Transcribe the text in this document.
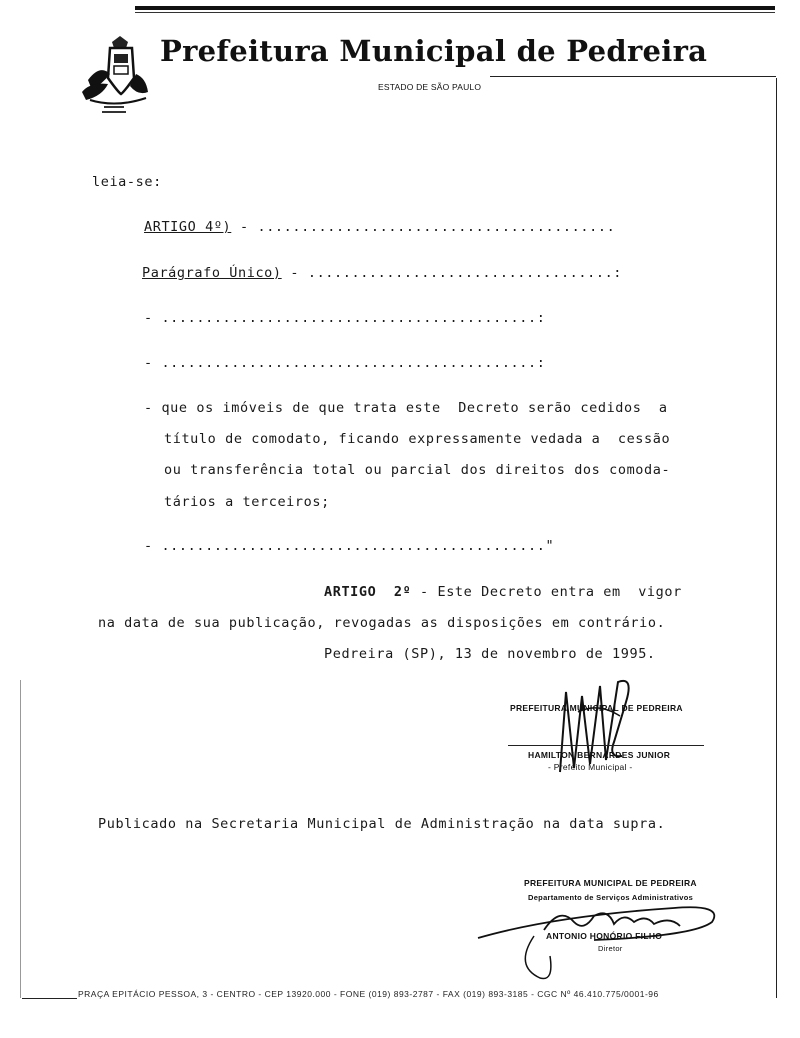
Prefeitura Municipal de Pedreira
ESTADO DE SÃO PAULO
leia-se:
ARTIGO 4º) - .........................................
Parágrafo Único) - ...................................:
- ...........................................:
- ...........................................:
- que os imóveis de que trata este  Decreto serão cedidos  a
título de comodato, ficando expressamente vedada a  cessão
ou transferência total ou parcial dos direitos dos comoda-
tários a terceiros;
- ............................................"
ARTIGO  2º - Este Decreto entra em  vigor
na data de sua publicação, revogadas as disposições em contrário.
Pedreira (SP), 13 de novembro de 1995.
PREFEITURA MUNICIPAL DE PEDREIRA
HAMILTON BERNARDES JUNIOR
- Prefeito Municipal -
Publicado na Secretaria Municipal de Administração na data supra.
PREFEITURA MUNICIPAL DE PEDREIRA
Departamento de Serviços Administrativos
ANTONIO HONÓRIO FILHO
Diretor
PRAÇA EPITÁCIO PESSOA, 3 - CENTRO - CEP 13920.000 - FONE (019) 893-2787 - FAX (019) 893-3185 - CGC Nº 46.410.775/0001-96
